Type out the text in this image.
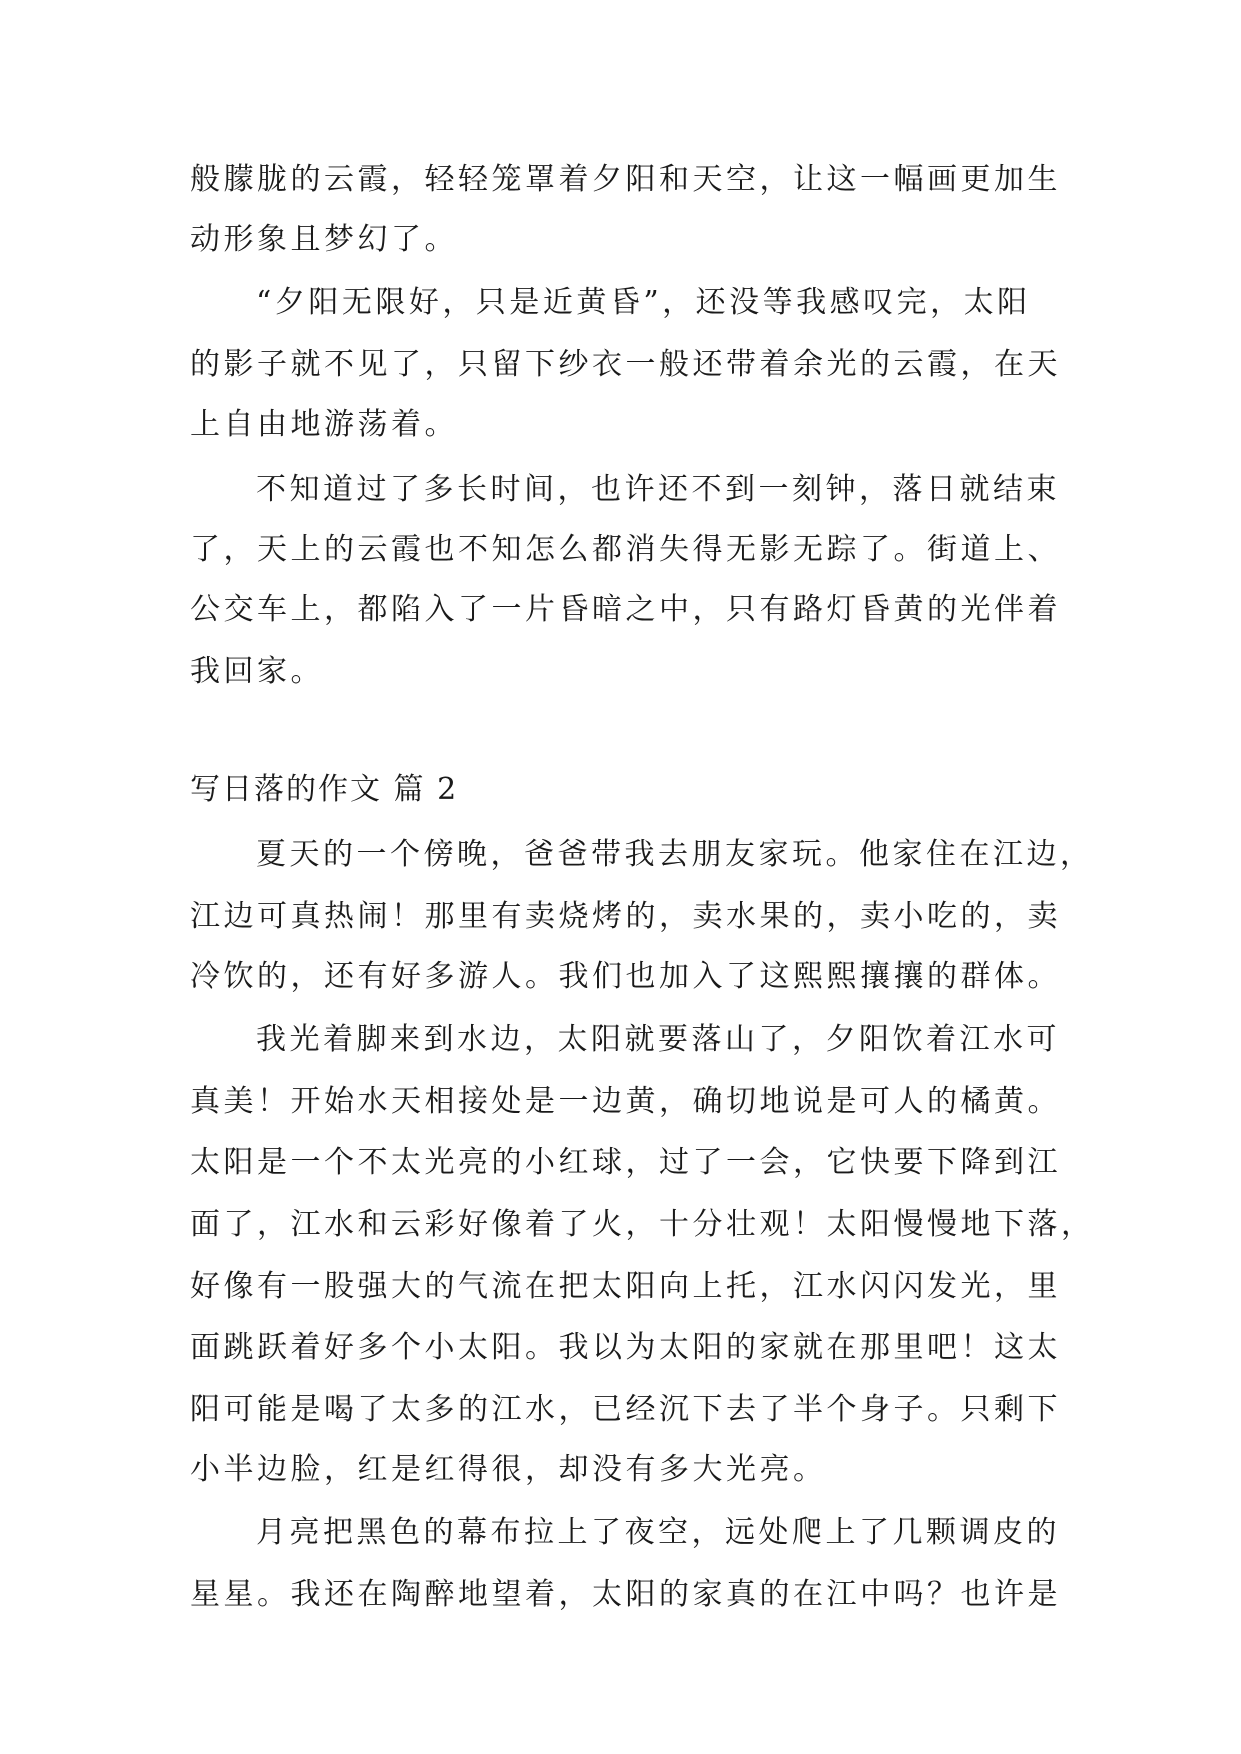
般朦胧的云霞，轻轻笼罩着夕阳和天空，让这一幅画更加生
动形象且梦幻了。
“夕阳无限好，只是近黄昏”，还没等我感叹完，太阳
的影子就不见了，只留下纱衣一般还带着余光的云霞，在天
上自由地游荡着。
不知道过了多长时间，也许还不到一刻钟，落日就结束
了，天上的云霞也不知怎么都消失得无影无踪了。街道上、
公交车上，都陷入了一片昏暗之中，只有路灯昏黄的光伴着
我回家。
写日落的作文 篇 2
夏天的一个傍晚，爸爸带我去朋友家玩。他家住在江边，
江边可真热闹！那里有卖烧烤的，卖水果的，卖小吃的，卖
冷饮的，还有好多游人。我们也加入了这熙熙攘攘的群体。
我光着脚来到水边，太阳就要落山了，夕阳饮着江水可
真美！开始水天相接处是一边黄，确切地说是可人的橘黄。
太阳是一个不太光亮的小红球，过了一会，它快要下降到江
面了，江水和云彩好像着了火，十分壮观！太阳慢慢地下落，
好像有一股强大的气流在把太阳向上托，江水闪闪发光，里
面跳跃着好多个小太阳。我以为太阳的家就在那里吧！这太
阳可能是喝了太多的江水，已经沉下去了半个身子。只剩下
小半边脸，红是红得很，却没有多大光亮。
月亮把黑色的幕布拉上了夜空，远处爬上了几颗调皮的
星星。我还在陶醉地望着，太阳的家真的在江中吗？也许是
